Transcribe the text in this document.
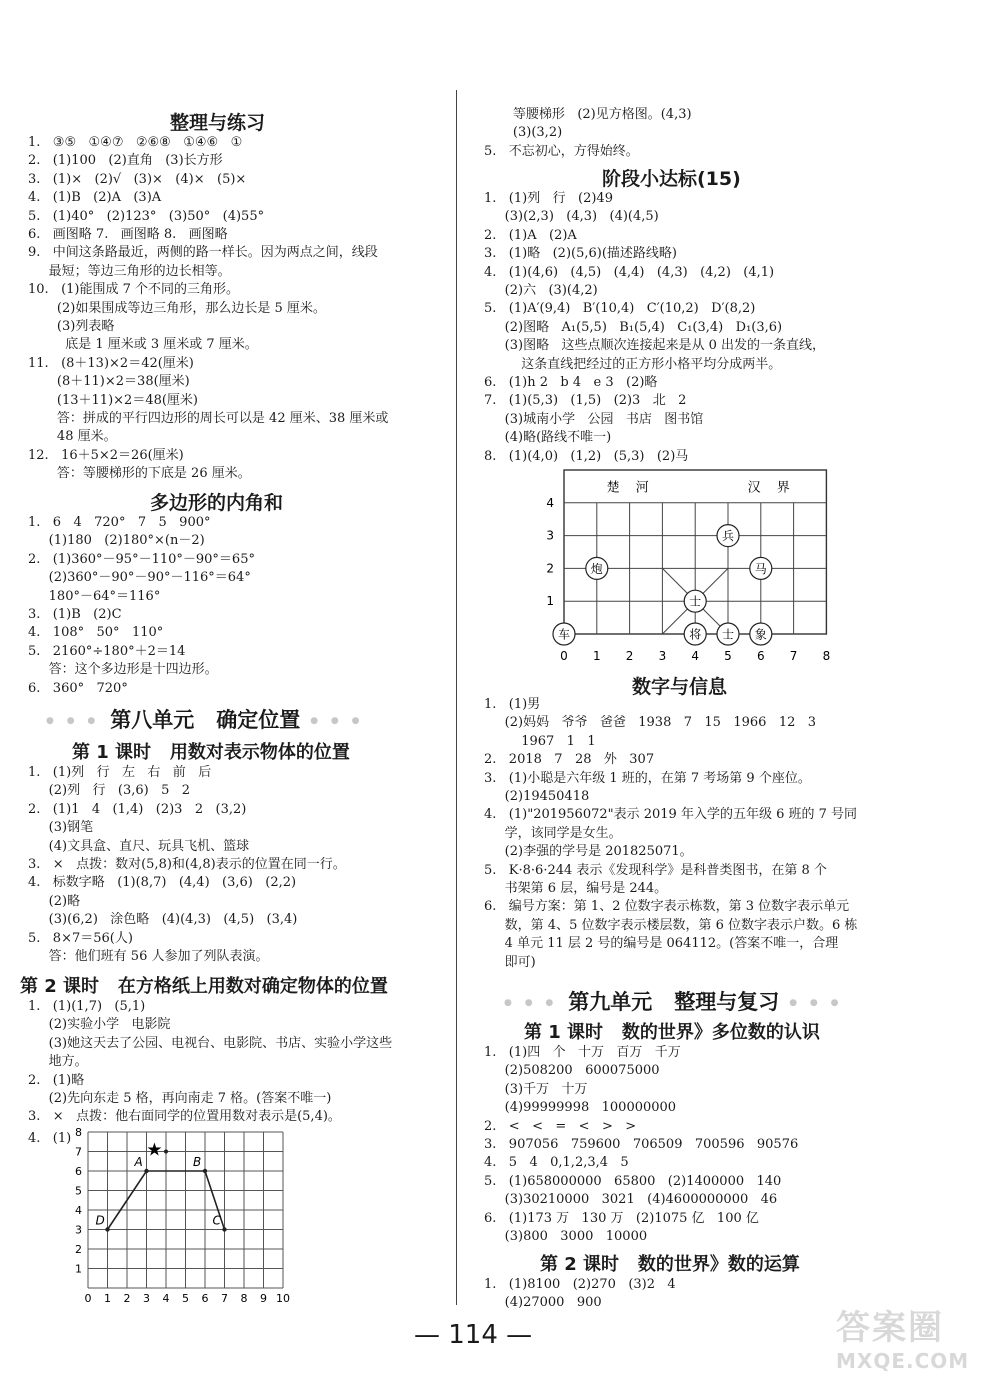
整理与练习
1.   ③⑤   ①④⑦   ②⑥⑧   ①④⑥   ①
2.   (1)100   (2)直角   (3)长方形
3.   (1)×   (2)√   (3)×   (4)×   (5)×
4.   (1)B   (2)A   (3)A
5.   (1)40°   (2)123°   (3)50°   (4)55°
6.   画图略 7.   画图略 8.   画图略
9.   中间这条路最近，两侧的路一样长。因为两点之间，线段
最短；等边三角形的边长相等。
10.   (1)能围成 7 个不同的三角形。
(2)如果围成等边三角形，那么边长是 5 厘米。
(3)列表略
底是 1 厘米或 3 厘米或 7 厘米。
11.   (8＋13)×2＝42(厘米)
(8＋11)×2＝38(厘米)
(13＋11)×2＝48(厘米)
答：拼成的平行四边形的周长可以是 42 厘米、38 厘米或
48 厘米。
12.   16＋5×2＝26(厘米)
答：等腰梯形的下底是 26 厘米。
多边形的内角和
1.   6   4   720°   7   5   900°
(1)180   (2)180°×(n－2)
2.   (1)360°－95°－110°－90°＝65°
(2)360°－90°－90°－116°＝64°
180°－64°＝116°
3.   (1)B   (2)C
4.   108°   50°   110°
5.   2160°÷180°＋2＝14
答：这个多边形是十四边形。
6.   360°   720°
● ● ● 第八单元   确定位置 ● ● ●
第 1 课时   用数对表示物体的位置
1.   (1)列   行   左   右   前   后
(2)列   行   (3,6)   5   2
2.   (1)1   4   (1,4)   (2)3   2   (3,2)
(3)钢笔
(4)文具盒、直尺、玩具飞机、篮球
3.   ×   点拨：数对(5,8)和(4,8)表示的位置在同一行。
4.   标数字略   (1)(8,7)   (4,4)   (3,6)   (2,2)
(2)略
(3)(6,2)   涂色略   (4)(4,3)   (4,5)   (3,4)
5.   8×7＝56(人)
答：他们班有 56 人参加了列队表演。
第 2 课时   在方格纸上用数对确定物体的位置
1.   (1)(1,7)   (5,1)
(2)实验小学   电影院
(3)她这天去了公园、电视台、电影院、书店、实验小学这些
地方。
2.   (1)略
(2)先向东走 5 格，再向南走 7 格。(答案不唯一)
3.   ×   点拨：他右面同学的位置用数对表示是(5,4)。
4.   (1)
等腰梯形   (2)见方格图。(4,3)
(3)(3,2)
5.   不忘初心，方得始终。
阶段小达标(15)
1.   (1)列   行   (2)49
(3)(2,3)   (4,3)   (4)(4,5)
2.   (1)A   (2)A
3.   (1)略   (2)(5,6)(描述路线略)
4.   (1)(4,6)   (4,5)   (4,4)   (4,3)   (4,2)   (4,1)
(2)六   (3)(4,2)
5.   (1)A′(9,4)   B′(10,4)   C′(10,2)   D′(8,2)
(2)图略   A₁(5,5)   B₁(5,4)   C₁(3,4)   D₁(3,6)
(3)图略   这些点顺次连接起来是从 0 出发的一条直线，
这条直线把经过的正方形小格平均分成两半。
6.   (1)h 2   b 4   e 3   (2)略
7.   (1)(5,3)   (1,5)   (2)3   北   2
(3)城南小学   公园   书店   图书馆
(4)略(路线不唯一)
8.   (1)(4,0)   (1,2)   (5,3)   (2)马
数字与信息
1.   (1)男
(2)妈妈   爷爷   爸爸   1938   7   15   1966   12   3
1967   1   1
2.   2018   7   28   外   307
3.   (1)小聪是六年级 1 班的，在第 7 考场第 9 个座位。
(2)19450418
4.   (1)"201956072"表示 2019 年入学的五年级 6 班的 7 号同
学，该同学是女生。
(2)李强的学号是 201825071。
5.   K·8·6·244 表示《发现科学》是科普类图书，在第 8 个
书架第 6 层，编号是 244。
6.   编号方案：第 1、2 位数字表示栋数，第 3 位数字表示单元
数，第 4、5 位数字表示楼层数，第 6 位数字表示户数。6 栋
4 单元 11 层 2 号的编号是 064112。(答案不唯一，合理
即可)
● ● ● 第九单元   整理与复习 ● ● ●
第 1 课时   数的世界》多位数的认识
1.   (1)四   个   十万   百万   千万
(2)508200   600075000
(3)千万   十万
(4)99999998   100000000
2.   <   <   =   <   >   >
3.   907056   759600   706509   700596   90576
4.   5   4   0,1,2,3,4   5
5.   (1)658000000   65800   (2)1400000   140
(3)30210000   3021   (4)4600000000   46
6.   (1)173 万   130 万   (2)1075 亿   100 亿
(3)800   3000   10000
第 2 课时   数的世界》数的运算
1.   (1)8100   (2)270   (3)2   4
(4)27000   900
0 1 2 3 4 5 6 7 8 9 10
1
2
3
4
5
6
7
8
A	B
C
D
★
楚 河	汉 界
0 1 2 3 4 5 6 7 8
1
2
3
4
车	将 士 象
士
炮	马
兵
— 114 —	答案圈
MXQE.COM
